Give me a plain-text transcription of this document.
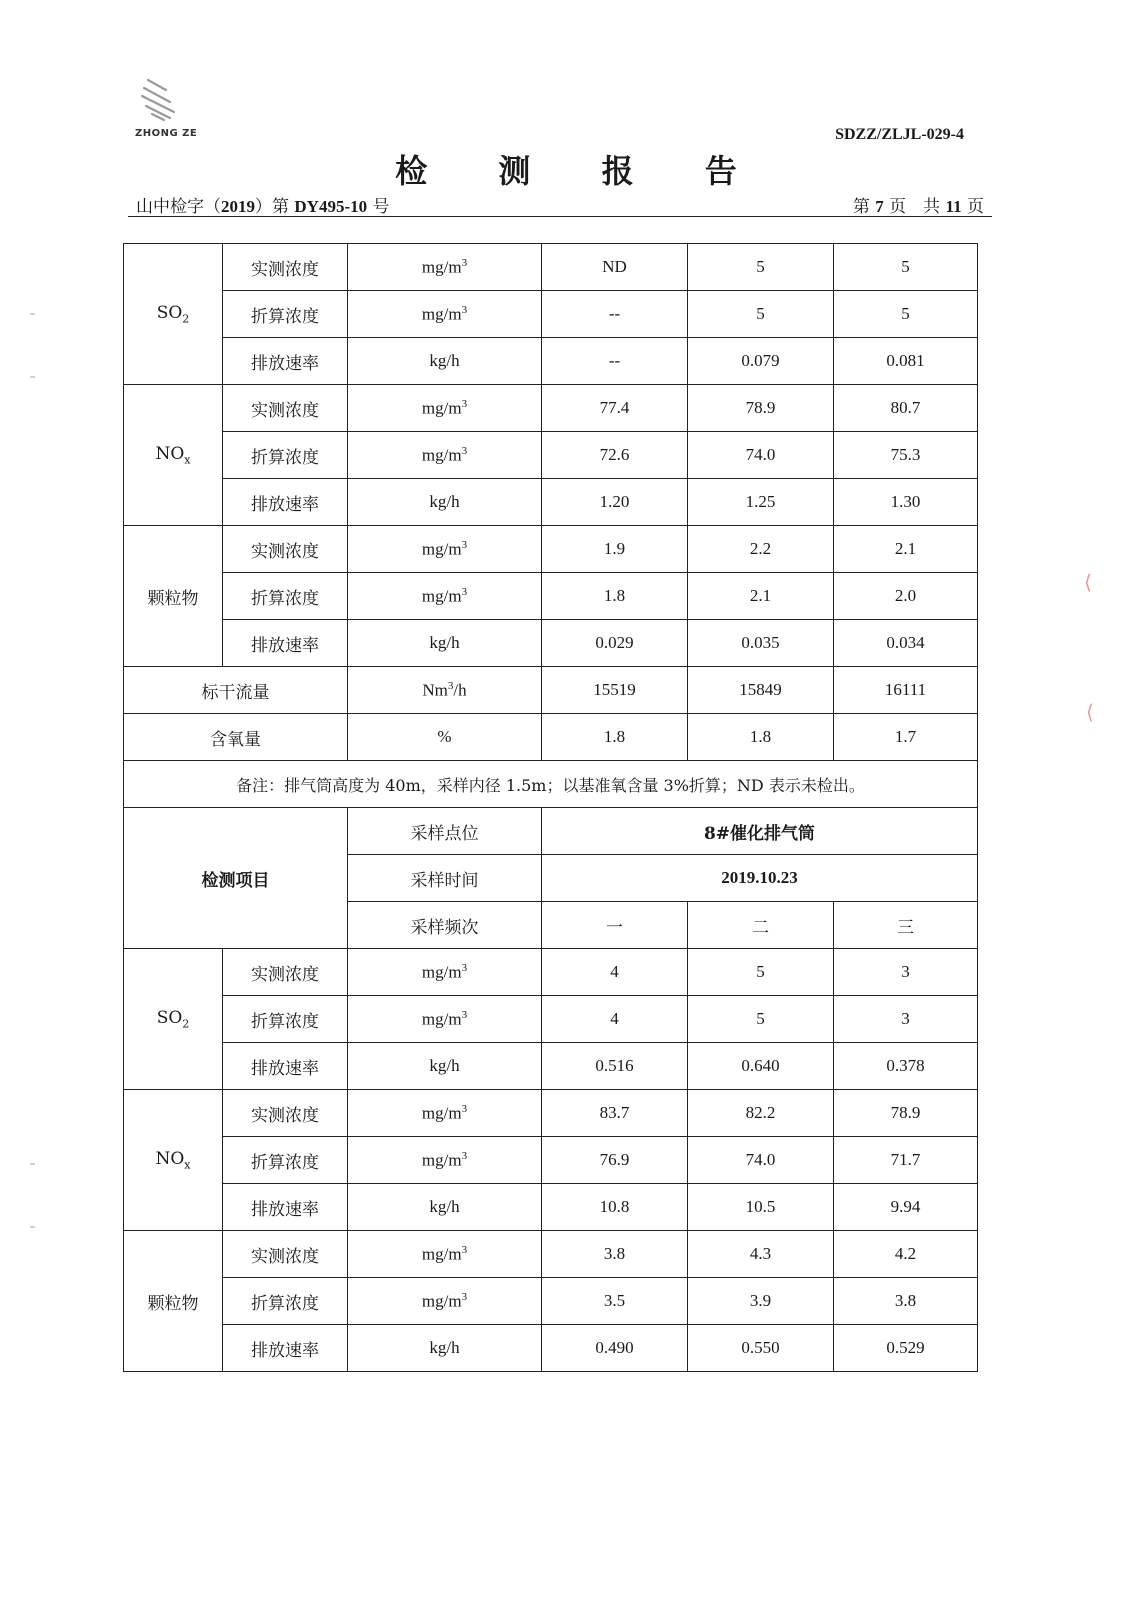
ZHONG ZE	SDZZ/ZLJL-029-4
检 测 报 告
山中检字（2019）第 DY495-10 号	第 7 页　共 11 页
$SO_2$	实测浓度	$mg/m^3$	ND	5	5
	折算浓度	$mg/m^3$	--	5	5
	排放速率	kg/h	--	0.079	0.081
$NO_x$	实测浓度	$mg/m^3$	77.4	78.9	80.7
	折算浓度	$mg/m^3$	72.6	74.0	75.3
	排放速率	kg/h	1.20	1.25	1.30
颗粒物	实测浓度	$mg/m^3$	1.9	2.2	2.1
	折算浓度	$mg/m^3$	1.8	2.1	2.0
	排放速率	kg/h	0.029	0.035	0.034
标干流量		Nm$^3$/h	15519	15849	16111
含氧量		%	1.8	1.8	1.7
备注：排气筒高度为 40m，采样内径 1.5m；以基准氧含量 3%折算；ND 表示未检出。					
检测项目		采样点位	8#催化排气筒		
		采样时间	2019.10.23		
		采样频次	一	二	三
$SO_2$	实测浓度	$mg/m^3$	4	5	3
	折算浓度	$mg/m^3$	4	5	3
	排放速率	kg/h	0.516	0.640	0.378
$NO_x$	实测浓度	$mg/m^3$	83.7	82.2	78.9
	折算浓度	$mg/m^3$	76.9	74.0	71.7
	排放速率	kg/h	10.8	10.5	9.94
颗粒物	实测浓度	$mg/m^3$	3.8	4.3	4.2
	折算浓度	$mg/m^3$	3.5	3.9	3.8
	排放速率	kg/h	0.490	0.550	0.529
⟨
⟨
